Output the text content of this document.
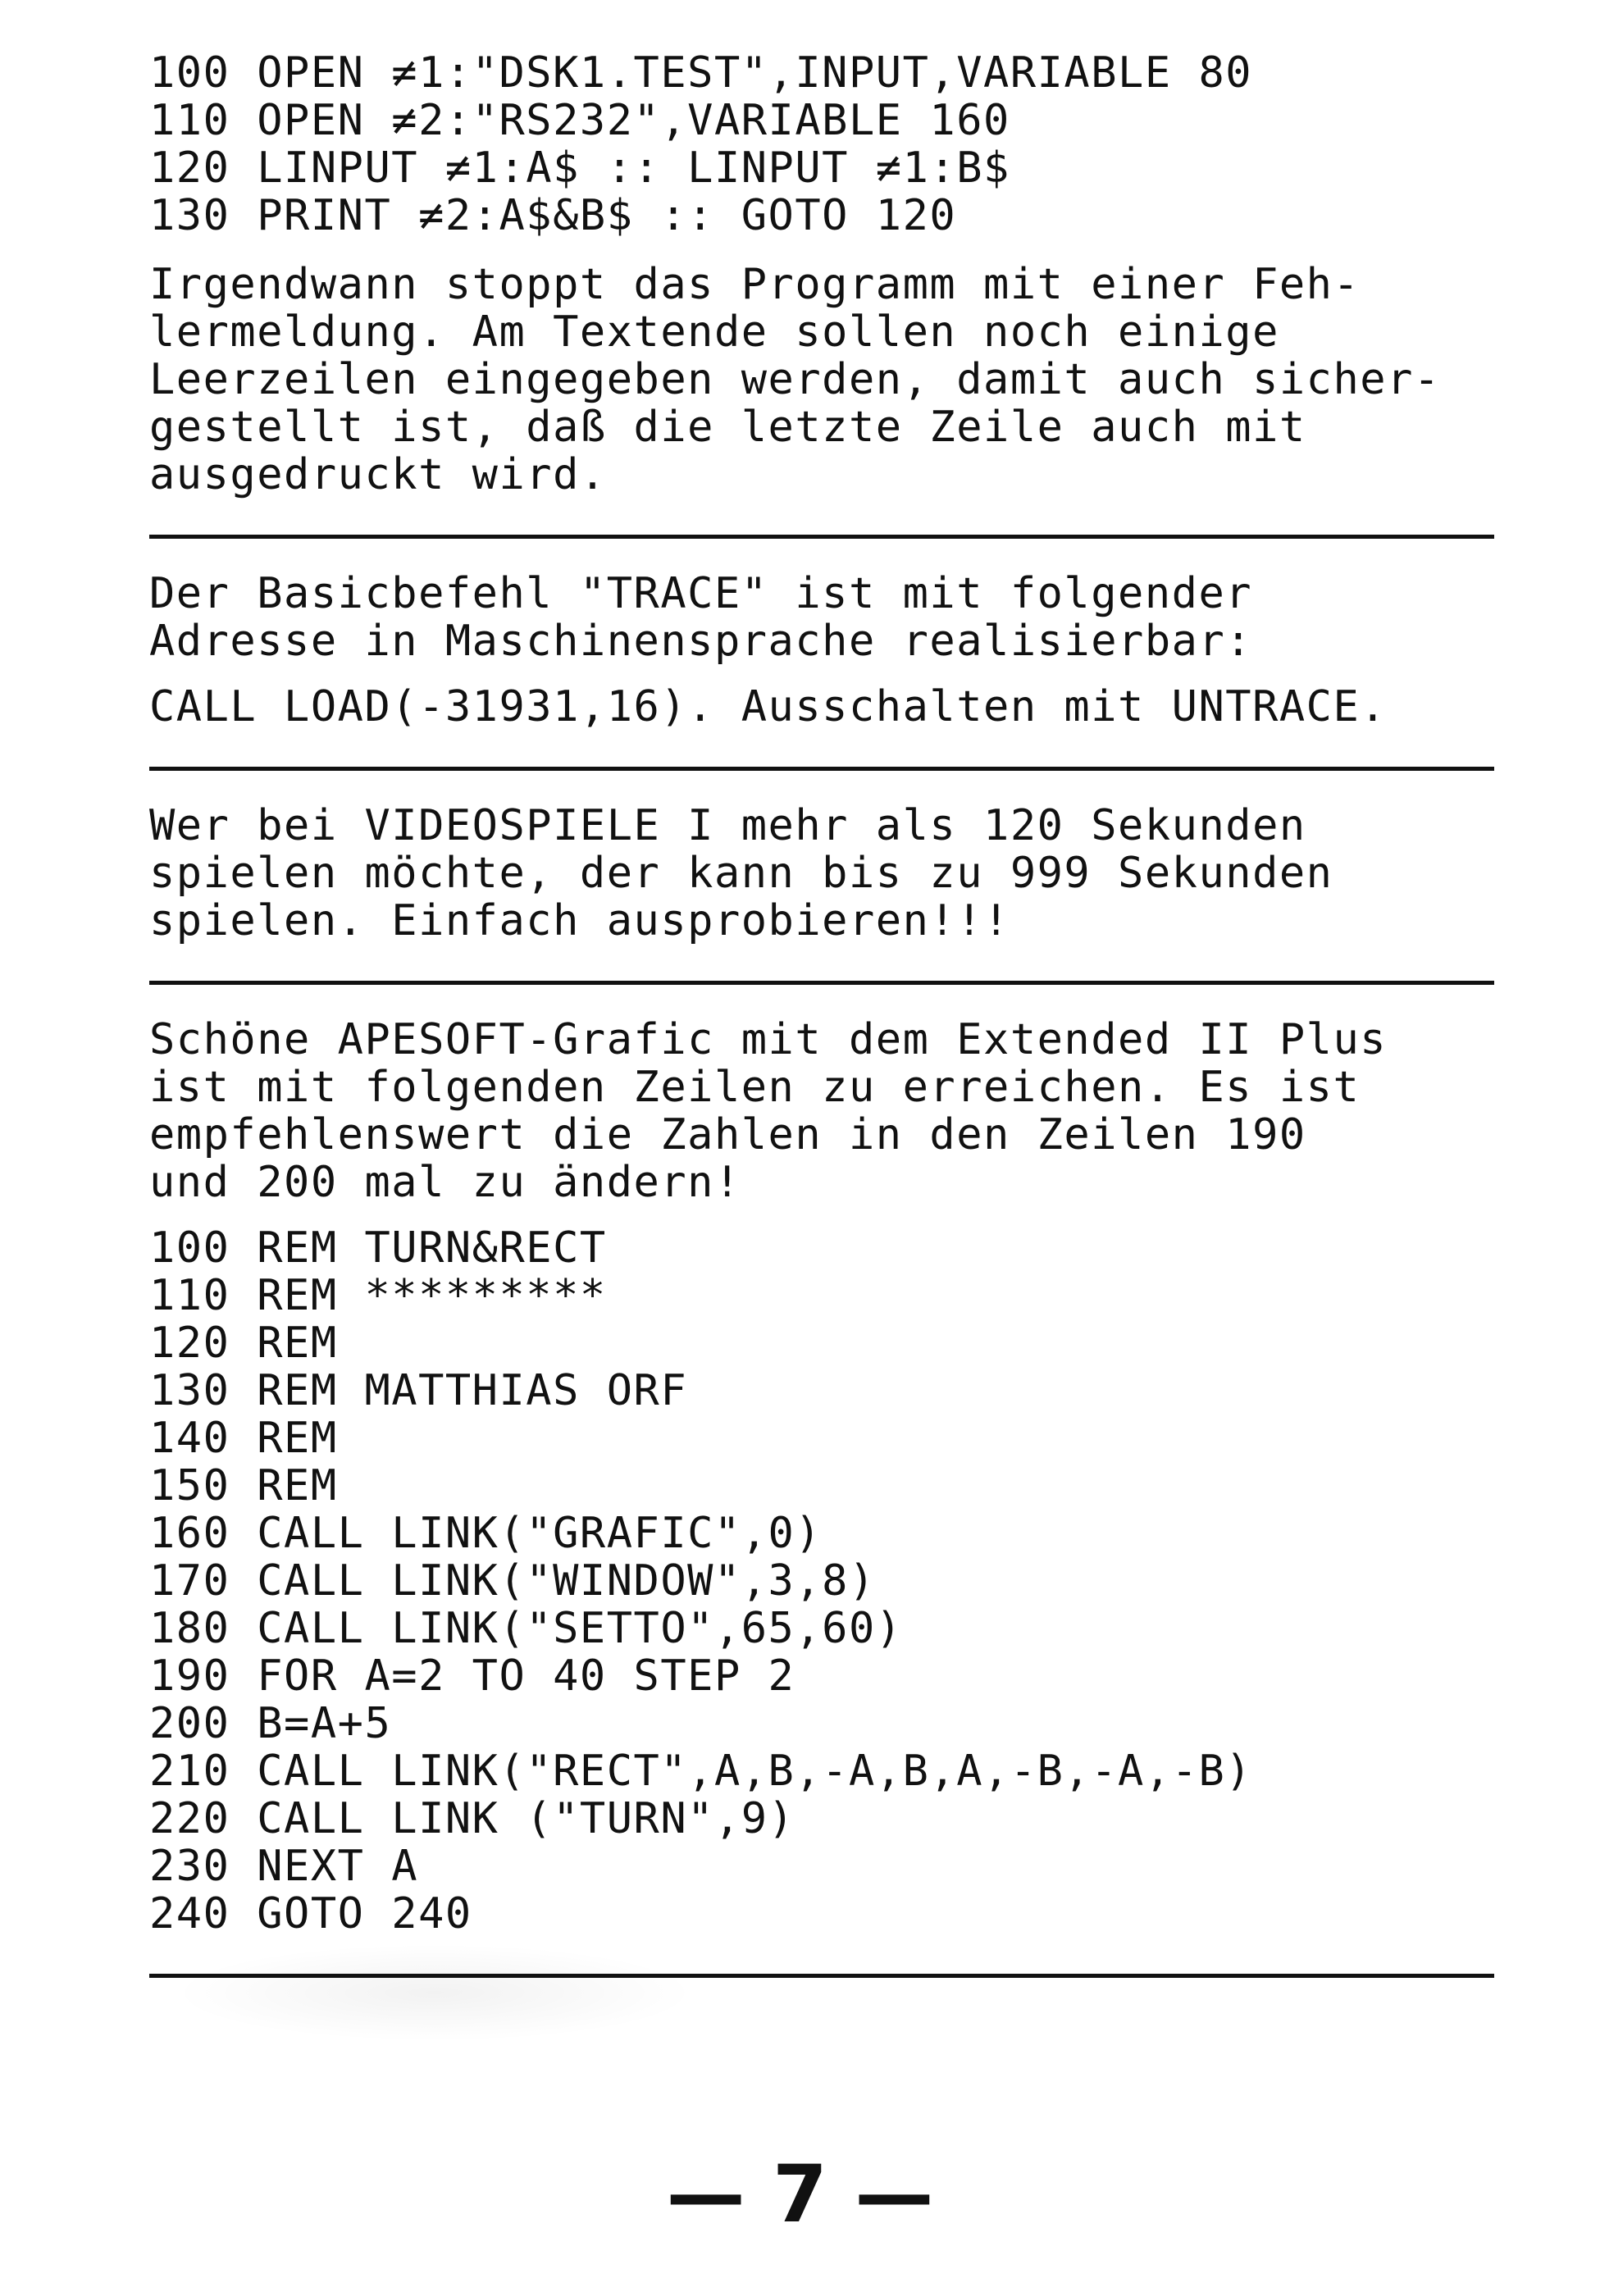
100 OPEN ≠1:"DSK1.TEST",INPUT,VARIABLE 80
110 OPEN ≠2:"RS232",VARIABLE 160
120 LINPUT ≠1:A$ :: LINPUT ≠1:B$
130 PRINT ≠2:A$&B$ :: GOTO 120
Irgendwann stoppt das Programm mit einer Feh-
lermeldung. Am Textende sollen noch einige
Leerzeilen eingegeben werden, damit auch sicher-
gestellt ist, daß die letzte Zeile auch mit
ausgedruckt wird.
Der Basicbefehl "TRACE" ist mit folgender
Adresse in Maschinensprache realisierbar:
CALL LOAD(-31931,16). Ausschalten mit UNTRACE.
Wer bei VIDEOSPIELE I mehr als 120 Sekunden
spielen möchte, der kann bis zu 999 Sekunden
spielen. Einfach ausprobieren!!!
Schöne APESOFT-Grafic mit dem Extended II Plus
ist mit folgenden Zeilen zu erreichen. Es ist
empfehlenswert die Zahlen in den Zeilen 190
und 200 mal zu ändern!
100 REM TURN&RECT
110 REM *********
120 REM
130 REM MATTHIAS ORF
140 REM
150 REM
160 CALL LINK("GRAFIC",0)
170 CALL LINK("WINDOW",3,8)
180 CALL LINK("SETTO",65,60)
190 FOR A=2 TO 40 STEP 2
200 B=A+5
210 CALL LINK("RECT",A,B,-A,B,A,-B,-A,-B)
220 CALL LINK ("TURN",9)
230 NEXT A
240 GOTO 240
— 7 —
